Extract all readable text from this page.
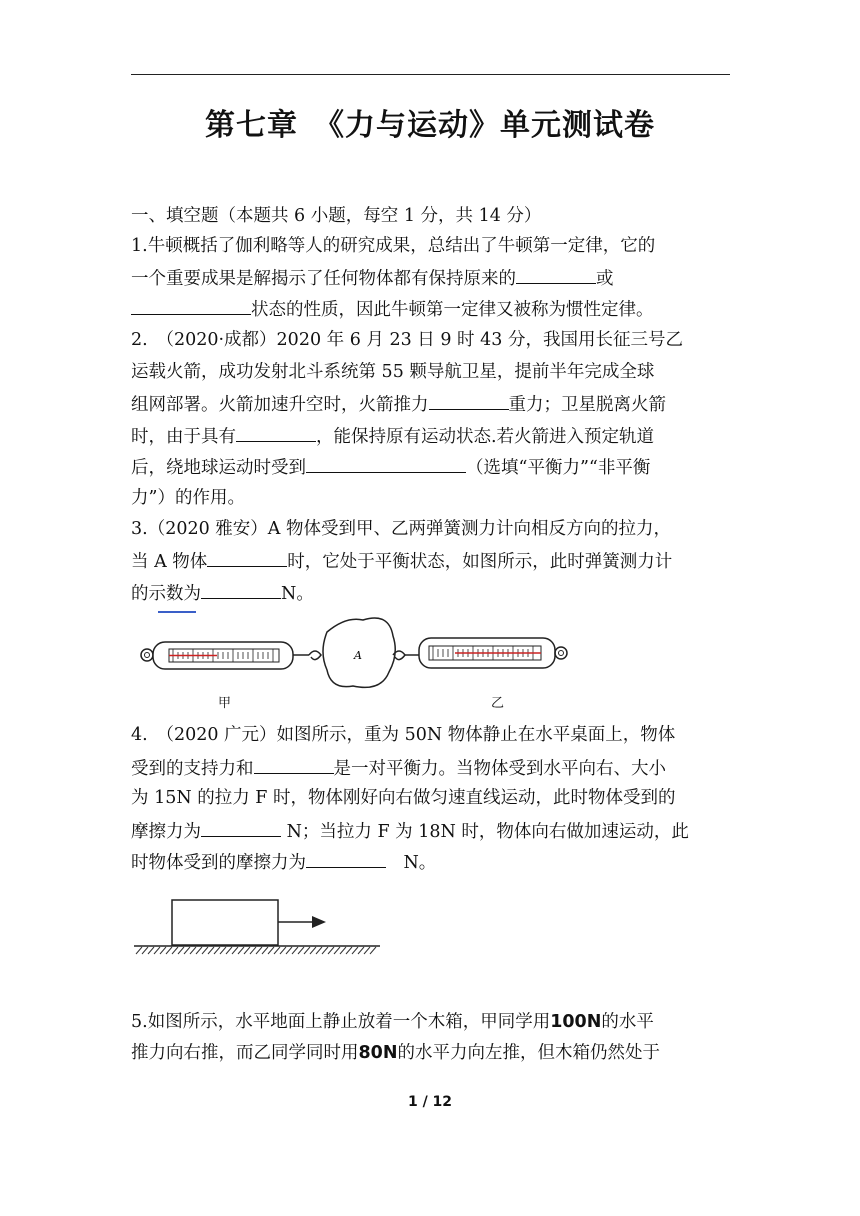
第七章　《力与运动》单元测试卷
一、填空题（本题共 6 小题，每空 1 分，共 14 分）
1.牛顿概括了伽利略等人的研究成果，总结出了牛顿第一定律，它的
一个重要成果是解揭示了任何物体都有保持原来的	或
状态的性质，因此牛顿第一定律又被称为惯性定律。
2.　（2020·成都）2020 年 6 月 23 日 9 时 43 分，我国用长征三号乙
运载火箭，成功发射北斗系统第 55 颗导航卫星，提前半年完成全球
组网部署。火箭加速升空时，火箭推力	重力；卫星脱离火箭
时，由于具有	，能保持原有运动状态.若火箭进入预定轨道
后，绕地球运动时受到	（选填“平衡力”“非平衡
力”）的作用。
3.（2020 雅安）A 物体受到甲、乙两弹簧测力计向相反方向的拉力，
当 A 物体	时，它处于平衡状态，如图所示，此时弹簧测力计
的示数为	N。
A
甲	乙
4.　（2020 广元）如图所示，重为 50N 物体静止在水平桌面上，物体
受到的支持力和	是一对平衡力。当物体受到水平向右、大小
为 15N 的拉力 F 时，物体刚好向右做匀速直线运动，此时物体受到的
摩擦力为	N；当拉力 F 为 18N 时，物体向右做加速运动，此
时物体受到的摩擦力为	　N。
5.如图所示，水平地面上静止放着一个木箱，甲同学用100N的水平
推力向右推，而乙同学同时用80N的水平力向左推，但木箱仍然处于
1 / 12
